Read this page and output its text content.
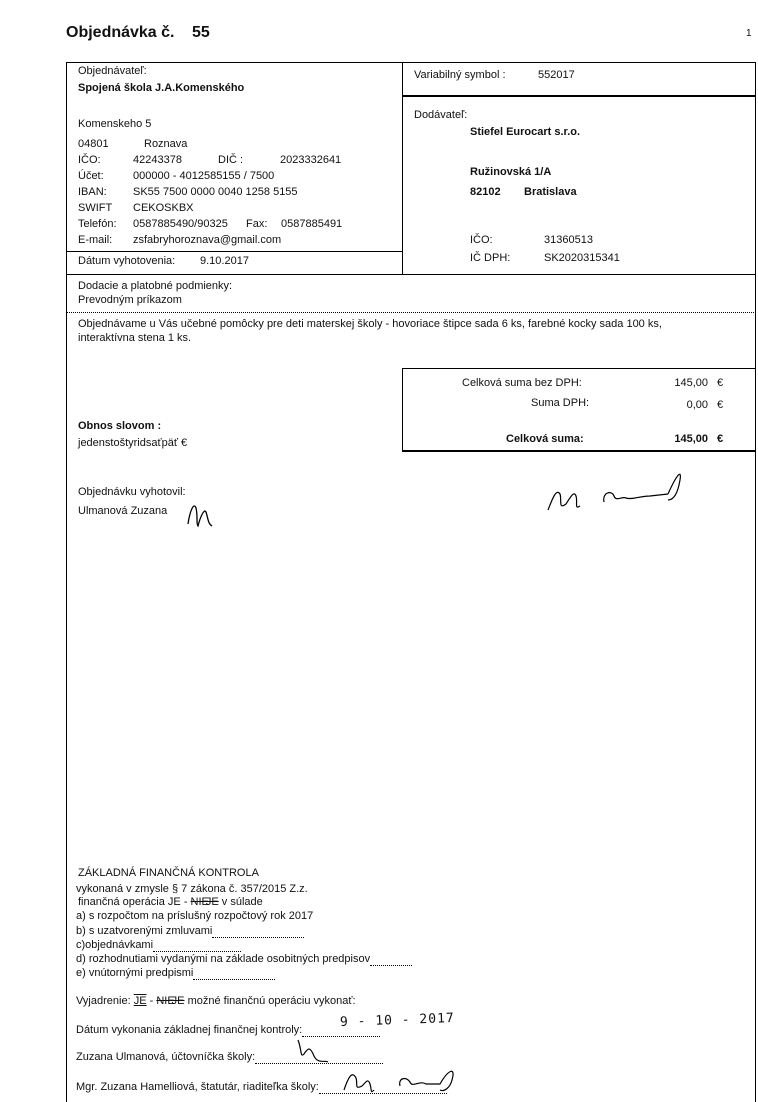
Objednávka č. 55	1
Objednávateľ:
Spojená škola J.A.Komenského
Komenskeho 5
04801	Roznava
IČO:	42243378	DIČ :	2023332641
Účet:	000000 - 4012585155 / 7500
IBAN: SK55 7500 0000 0040 1258 5155
SWIFT CEKOSKBX
Telefón: 0587885490/90325 Fax: 0587885491
E-mail: zsfabryhoroznava@gmail.com
Dátum vyhotovenia: 9.10.2017
Variabilný symbol :	552017
Dodávateľ:
Stiefel Eurocart s.r.o.
Ružinovská 1/A
82102 Bratislava
IČO:	31360513
IČ DPH:	SK2020315341
Dodacie a platobné podmienky:
Prevodným príkazom
Objednávame u Vás učebné pomôcky pre deti materskej školy - hovoriace štipce sada 6 ks, farebné kocky sada 100 ks,
interaktívna stena 1 ks.
Celková suma bez DPH:	145,00 €
Suma DPH:	0,00 €
Celková suma:	145,00 €
Obnos slovom :
jedenstoštyridsaťpäť €
Objednávku vyhotovil:
Ulmanová Zuzana
ZÁKLADNÁ FINANČNÁ KONTROLA
vykonaná v zmysle § 7 zákona č. 357/2015 Z.z.
finančná operácia JE - NIEJE v súlade
a) s rozpočtom na príslušný rozpočtový rok 2017
b) s uzatvorenými zmluvami
c)objednávkami
d) rozhodnutiami vydanými na základe osobitných predpisov
e) vnútornými predpismi
Vyjadrenie: JE - NIEJE možné finančnú operáciu vykonať:
Dátum vykonania základnej finančnej kontroly:
9 - 10 - 2017
Zuzana Ulmanová, účtovníčka školy:
Mgr. Zuzana Hamelliová, štatutár, riaditeľka školy:
